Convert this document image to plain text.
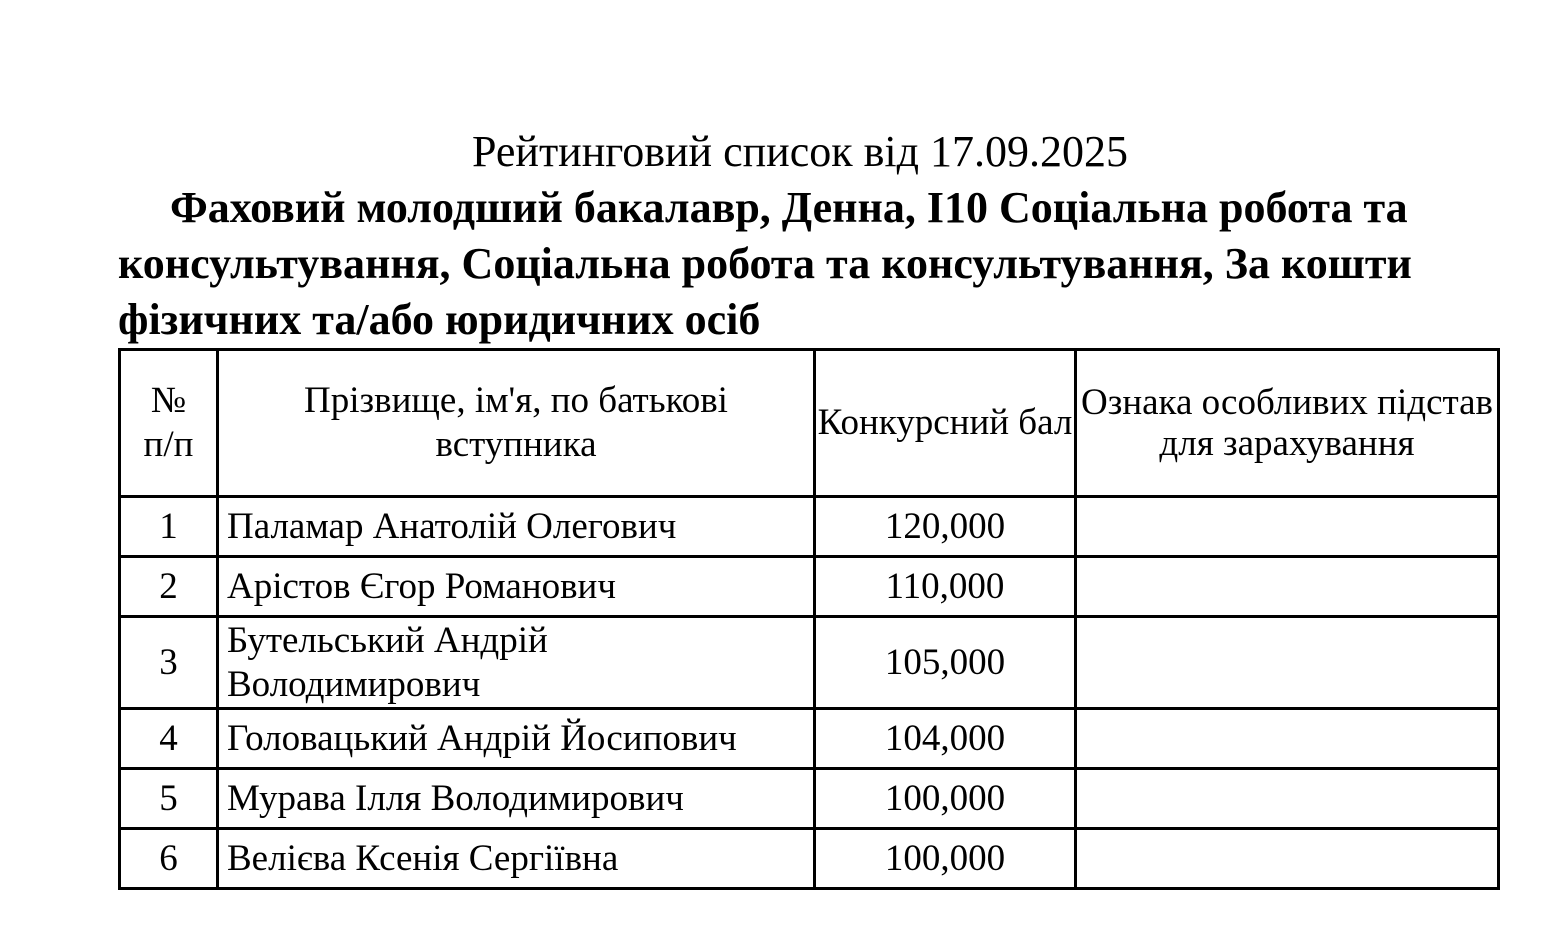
Рейтинговий список від 17.09.2025
Фаховий молодший бакалавр, Денна, I10 Соціальна робота та консультування, Соціальна робота та консультування, За кошти фізичних та/або юридичних осіб
№
п/п	Прізвище, ім'я, по батькові вступника	Конкурсний бал	Ознака особливих підстав для зарахування
1	Паламар Анатолій Олегович	120,000	
2	Арістов Єгор Романович	110,000	
3	Бутельський Андрій Володимирович	105,000	
4	Головацький Андрій Йосипович	104,000	
5	Мурава Ілля Володимирович	100,000	
6	Велієва Ксенія Сергіївна	100,000	
